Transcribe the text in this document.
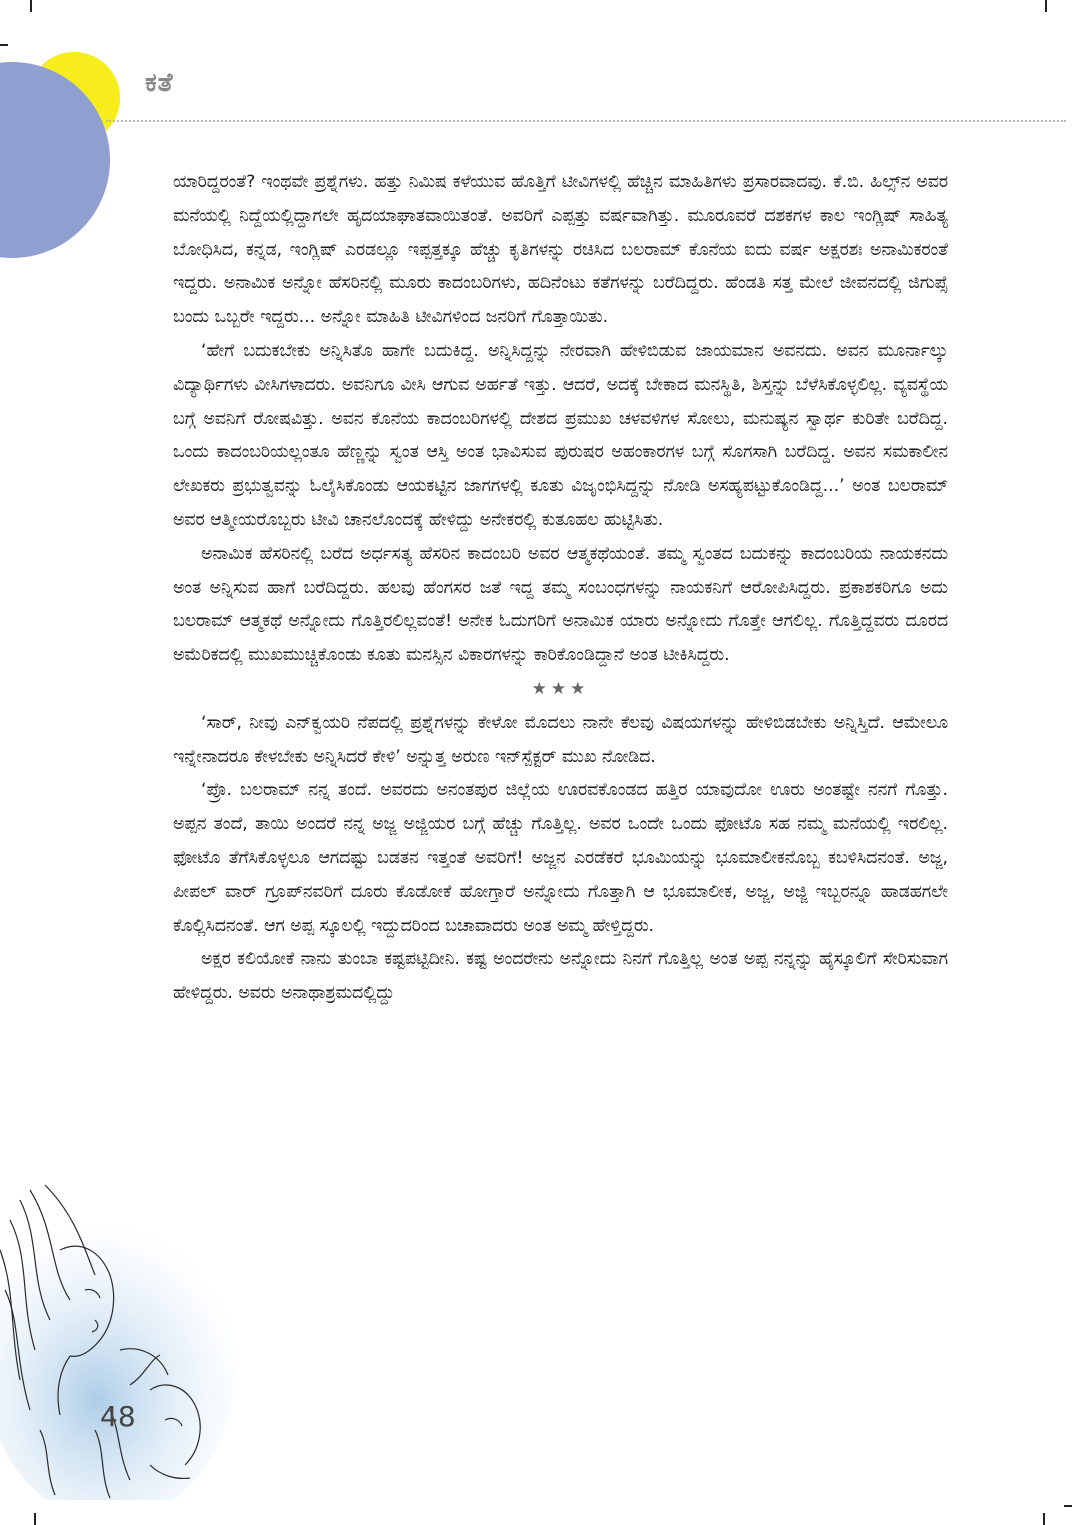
ಕತೆ

ಯಾರಿದ್ದರಂತೆ? ಇಂಥವೇ ಪ್ರಶ್ನೆಗಳು. ಹತ್ತು ನಿಮಿಷ ಕಳೆಯುವ ಹೊತ್ತಿಗೆ ಟೀವಿಗಳಲ್ಲಿ ಹೆಚ್ಚಿನ ಮಾಹಿತಿಗಳು ಪ್ರಸಾರವಾದವು. ಕೆ.ಬಿ. ಹಿಲ್ಸ್‌ನ ಅವರ ಮನೆಯಲ್ಲಿ ನಿದ್ದೆಯಲ್ಲಿದ್ದಾಗಲೇ ಹೃದಯಾಘಾತವಾಯಿತಂತೆ. ಅವರಿಗೆ ಎಪ್ಪತ್ತು ವರ್ಷವಾಗಿತ್ತು. ಮೂರೂವರೆ ದಶಕಗಳ ಕಾಲ ಇಂಗ್ಲಿಷ್ ಸಾಹಿತ್ಯ ಬೋಧಿಸಿದ, ಕನ್ನಡ, ಇಂಗ್ಲಿಷ್ ಎರಡಲ್ಲೂ ಇಪ್ಪತ್ತಕ್ಕೂ ಹೆಚ್ಚು ಕೃತಿಗಳನ್ನು ರಚಿಸಿದ ಬಲರಾಮ್ ಕೊನೆಯ ಐದು ವರ್ಷ ಅಕ್ಷರಶಃ ಅನಾಮಿಕರಂತೆ ಇದ್ದರು. ಅನಾಮಿಕ ಅನ್ನೋ ಹೆಸರಿನಲ್ಲಿ ಮೂರು ಕಾದಂಬರಿಗಳು, ಹದಿನೆಂಟು ಕತೆಗಳನ್ನು ಬರೆದಿದ್ದರು. ಹೆಂಡತಿ ಸತ್ತ ಮೇಲೆ ಜೀವನದಲ್ಲಿ ಜಿಗುಪ್ಸೆ ಬಂದು ಒಬ್ಬರೇ ಇದ್ದರು... ಅನ್ನೋ ಮಾಹಿತಿ ಟೀವಿಗಳಿಂದ ಜನರಿಗೆ ಗೊತ್ತಾಯಿತು.

‘ಹೇಗೆ ಬದುಕಬೇಕು ಅನ್ನಿಸಿತೊ ಹಾಗೇ ಬದುಕಿದ್ದ. ಅನ್ನಿಸಿದ್ದನ್ನು ನೇರವಾಗಿ ಹೇಳಿಬಿಡುವ ಜಾಯಮಾನ ಅವನದು. ಅವನ ಮೂರ್ನಾಲ್ಕು ವಿದ್ಯಾರ್ಥಿಗಳು ವೀಸಿಗಳಾದರು. ಅವನಿಗೂ ವೀಸಿ ಆಗುವ ಅರ್ಹತೆ ಇತ್ತು. ಆದರೆ, ಅದಕ್ಕೆ ಬೇಕಾದ ಮನಸ್ಥಿತಿ, ಶಿಸ್ತನ್ನು ಬೆಳೆಸಿಕೊಳ್ಳಲಿಲ್ಲ. ವ್ಯವಸ್ಥೆಯ ಬಗ್ಗೆ ಅವನಿಗೆ ರೋಷವಿತ್ತು. ಅವನ ಕೊನೆಯ ಕಾದಂಬರಿಗಳಲ್ಲಿ ದೇಶದ ಪ್ರಮುಖ ಚಳವಳಿಗಳ ಸೋಲು, ಮನುಷ್ಯನ ಸ್ವಾರ್ಥ ಕುರಿತೇ ಬರೆದಿದ್ದ. ಒಂದು ಕಾದಂಬರಿಯಲ್ಲಂತೂ ಹೆಣ್ಣನ್ನು ಸ್ವಂತ ಆಸ್ತಿ ಅಂತ ಭಾವಿಸುವ ಪುರುಷರ ಅಹಂಕಾರಗಳ ಬಗ್ಗೆ ಸೊಗಸಾಗಿ ಬರೆದಿದ್ದ. ಅವನ ಸಮಕಾಲೀನ ಲೇಖಕರು ಪ್ರಭುತ್ವವನ್ನು ಓಲೈಸಿಕೊಂಡು ಆಯಕಟ್ಟಿನ ಜಾಗಗಳಲ್ಲಿ ಕೂತು ವಿಜೃಂಭಿಸಿದ್ದನ್ನು ನೋಡಿ ಅಸಹ್ಯಪಟ್ಟುಕೊಂಡಿದ್ದ...’ ಅಂತ ಬಲರಾಮ್ ಅವರ ಆತ್ಮೀಯರೊಬ್ಬರು ಟೀವಿ ಚಾನಲೊಂದಕ್ಕೆ ಹೇಳಿದ್ದು ಅನೇಕರಲ್ಲಿ ಕುತೂಹಲ ಹುಟ್ಟಿಸಿತು.

ಅನಾಮಿಕ ಹೆಸರಿನಲ್ಲಿ ಬರೆದ ಅರ್ಧಸತ್ಯ ಹೆಸರಿನ ಕಾದಂಬರಿ ಅವರ ಆತ್ಮಕಥೆಯಂತೆ. ತಮ್ಮ ಸ್ವಂತದ ಬದುಕನ್ನು ಕಾದಂಬರಿಯ ನಾಯಕನದು ಅಂತ ಅನ್ನಿಸುವ ಹಾಗೆ ಬರೆದಿದ್ದರು. ಹಲವು ಹೆಂಗಸರ ಜತೆ ಇದ್ದ ತಮ್ಮ ಸಂಬಂಧಗಳನ್ನು ನಾಯಕನಿಗೆ ಆರೋಪಿಸಿದ್ದರು. ಪ್ರಕಾಶಕರಿಗೂ ಅದು ಬಲರಾಮ್ ಆತ್ಮಕಥೆ ಅನ್ನೋದು ಗೊತ್ತಿರಲಿಲ್ಲವಂತೆ! ಅನೇಕ ಓದುಗರಿಗೆ ಅನಾಮಿಕ ಯಾರು ಅನ್ನೋದು ಗೊತ್ತೇ ಆಗಲಿಲ್ಲ. ಗೊತ್ತಿದ್ದವರು ದೂರದ ಅಮೆರಿಕದಲ್ಲಿ ಮುಖಮುಚ್ಚಿಕೊಂಡು ಕೂತು ಮನಸ್ಸಿನ ವಿಕಾರಗಳನ್ನು ಕಾರಿಕೊಂಡಿದ್ದಾನೆ ಅಂತ ಟೀಕಿಸಿದ್ದರು.

★★★

‘ಸಾರ್, ನೀವು ಎನ್‌ಕ್ವಯರಿ ನೆಪದಲ್ಲಿ ಪ್ರಶ್ನೆಗಳನ್ನು ಕೇಳೋ ಮೊದಲು ನಾನೇ ಕೆಲವು ವಿಷಯಗಳನ್ನು ಹೇಳಿಬಿಡಬೇಕು ಅನ್ನಿಸ್ತಿದೆ. ಆಮೇಲೂ ಇನ್ನೇನಾದರೂ ಕೇಳಬೇಕು ಅನ್ನಿಸಿದರೆ ಕೇಳಿ’ ಅನ್ನುತ್ತ ಅರುಣ ಇನ್‌ಸ್ಪೆಕ್ಟರ್ ಮುಖ ನೋಡಿದ.

‘ಪ್ರೊ. ಬಲರಾಮ್ ನನ್ನ ತಂದೆ. ಅವರದು ಅನಂತಪುರ ಜಿಲ್ಲೆಯ ಊರವಕೊಂಡದ ಹತ್ತಿರ ಯಾವುದೋ ಊರು ಅಂತಷ್ಟೇ ನನಗೆ ಗೊತ್ತು. ಅಪ್ಪನ ತಂದೆ, ತಾಯಿ ಅಂದರೆ ನನ್ನ ಅಜ್ಜ ಅಜ್ಜಿಯರ ಬಗ್ಗೆ ಹೆಚ್ಚು ಗೊತ್ತಿಲ್ಲ. ಅವರ ಒಂದೇ ಒಂದು ಫೋಟೊ ಸಹ ನಮ್ಮ ಮನೆಯಲ್ಲಿ ಇರಲಿಲ್ಲ. ಫೋಟೊ ತೆಗೆಸಿಕೊಳ್ಳಲೂ ಆಗದಷ್ಟು ಬಡತನ ಇತ್ತಂತೆ ಅವರಿಗೆ! ಅಜ್ಜನ ಎರಡೆಕರೆ ಭೂಮಿಯನ್ನು ಭೂಮಾಲೀಕನೊಬ್ಬ ಕಬಳಿಸಿದನಂತೆ. ಅಜ್ಜ, ಪೀಪಲ್ ವಾರ್ ಗ್ರೂಪ್‌ನವರಿಗೆ ದೂರು ಕೊಡೋಕೆ ಹೋಗ್ತಾರೆ ಅನ್ನೋದು ಗೊತ್ತಾಗಿ ಆ ಭೂಮಾಲೀಕ, ಅಜ್ಜ, ಅಜ್ಜಿ ಇಬ್ಬರನ್ನೂ ಹಾಡಹಗಲೇ ಕೊಲ್ಲಿಸಿದನಂತೆ. ಆಗ ಅಪ್ಪ ಸ್ಕೂಲಲ್ಲಿ ಇದ್ದುದರಿಂದ ಬಚಾವಾದರು ಅಂತ ಅಮ್ಮ ಹೇಳ್ತಿದ್ದರು.

ಅಕ್ಷರ ಕಲಿಯೋಕೆ ನಾನು ತುಂಬಾ ಕಷ್ಟಪಟ್ಟಿದೀನಿ. ಕಷ್ಟ ಅಂದರೇನು ಅನ್ನೋದು ನಿನಗೆ ಗೊತ್ತಿಲ್ಲ ಅಂತ ಅಪ್ಪ ನನ್ನನ್ನು ಹೈಸ್ಕೂಲಿಗೆ ಸೇರಿಸುವಾಗ ಹೇಳಿದ್ದರು. ಅವರು ಅನಾಥಾಶ್ರಮದಲ್ಲಿದ್ದು

48
